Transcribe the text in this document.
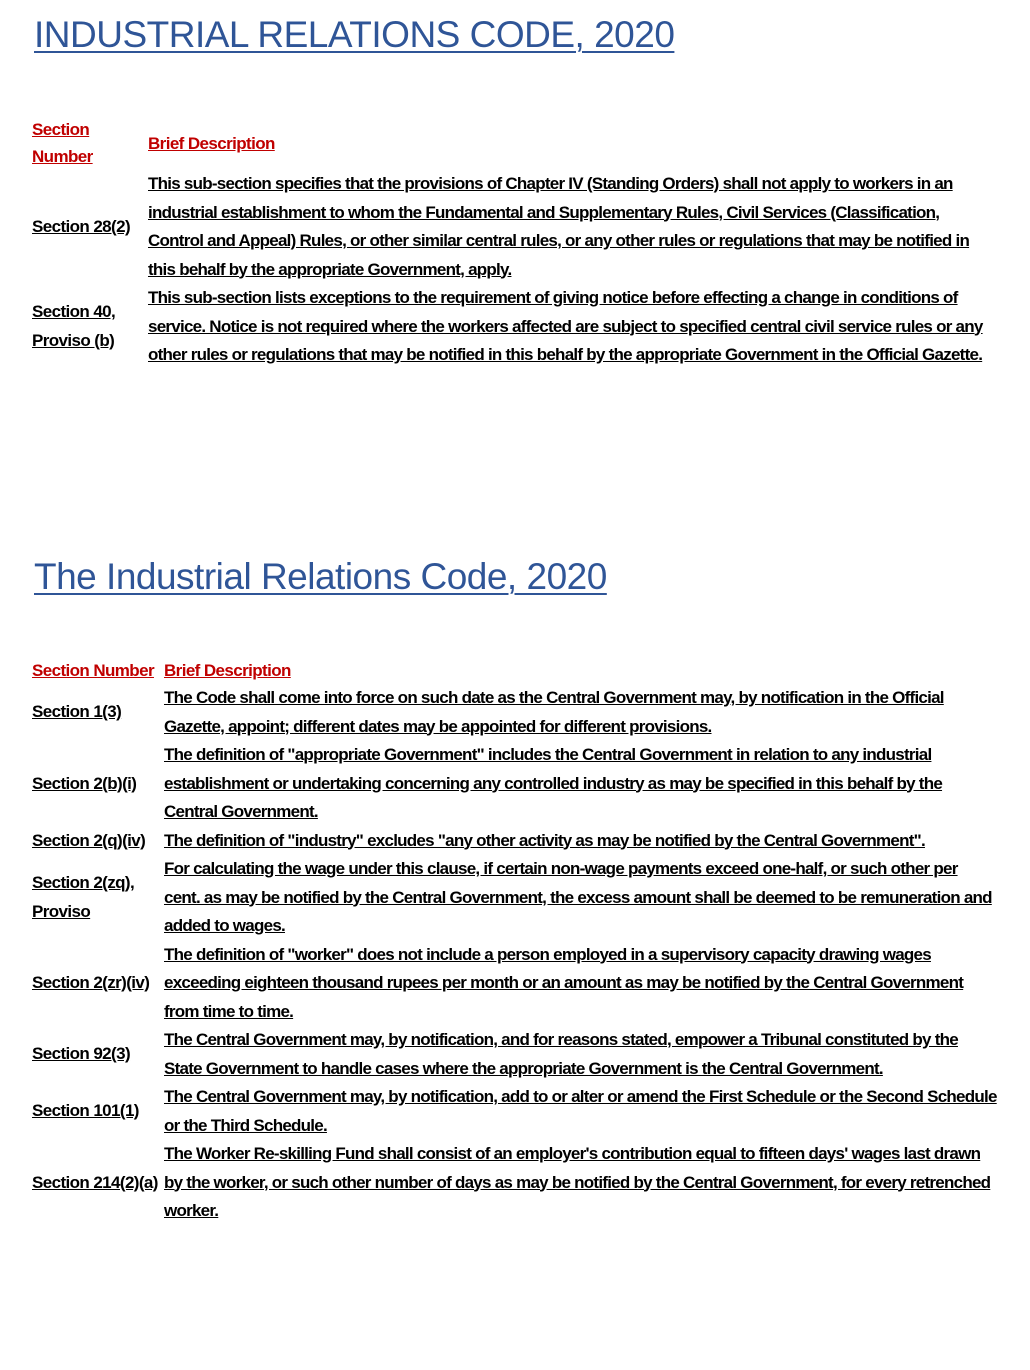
INDUSTRIAL RELATIONS CODE, 2020
Section Number	Brief Description
Section 28(2)	This sub-section specifies that the provisions of Chapter IV (Standing Orders) shall not apply to workers in an industrial establishment to whom the Fundamental and Supplementary Rules, Civil Services (Classification, Control and Appeal) Rules, or other similar central rules, or any other rules or regulations that may be notified in this behalf by the appropriate Government, apply.
Section 40, Proviso (b)	This sub-section lists exceptions to the requirement of giving notice before effecting a change in conditions of service. Notice is not required where the workers affected are subject to specified central civil service rules or any other rules or regulations that may be notified in this behalf by the appropriate Government in the Official Gazette.
The Industrial Relations Code, 2020
Section Number	Brief Description
Section 1(3)	The Code shall come into force on such date as the Central Government may, by notification in the Official Gazette, appoint; different dates may be appointed for different provisions.
Section 2(b)(i)	The definition of "appropriate Government" includes the Central Government in relation to any industrial establishment or undertaking concerning any controlled industry as may be specified in this behalf by the Central Government.
Section 2(q)(iv)	The definition of "industry" excludes "any other activity as may be notified by the Central Government".
Section 2(zq), Proviso	For calculating the wage under this clause, if certain non-wage payments exceed one-half, or such other per cent. as may be notified by the Central Government, the excess amount shall be deemed to be remuneration and added to wages.
Section 2(zr)(iv)	The definition of "worker" does not include a person employed in a supervisory capacity drawing wages exceeding eighteen thousand rupees per month or an amount as may be notified by the Central Government from time to time.
Section 92(3)	The Central Government may, by notification, and for reasons stated, empower a Tribunal constituted by the State Government to handle cases where the appropriate Government is the Central Government.
Section 101(1)	The Central Government may, by notification, add to or alter or amend the First Schedule or the Second Schedule or the Third Schedule.
Section 214(2)(a)	The Worker Re-skilling Fund shall consist of an employer's contribution equal to fifteen days' wages last drawn by the worker, or such other number of days as may be notified by the Central Government, for every retrenched worker.
